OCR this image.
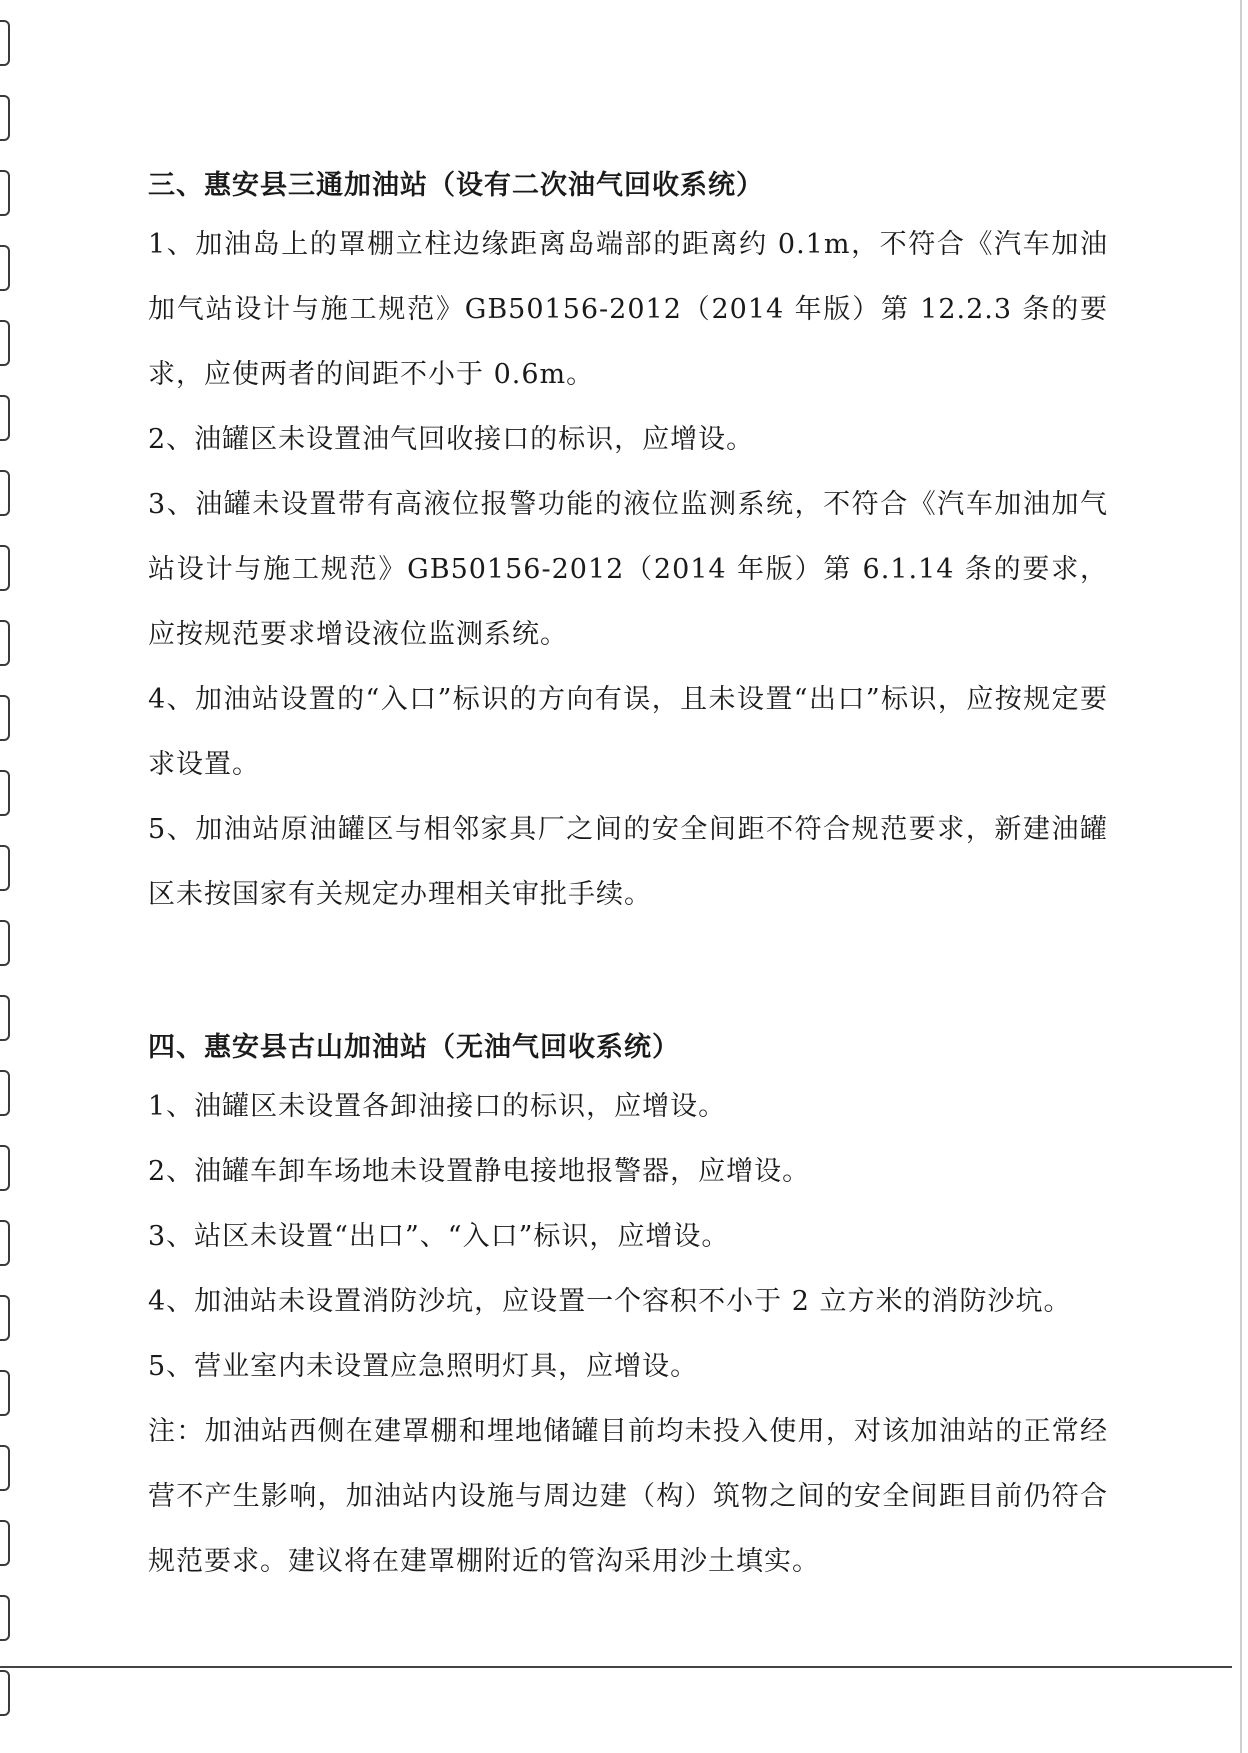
三、惠安县三通加油站（设有二次油气回收系统）

1、加油岛上的罩棚立柱边缘距离岛端部的距离约 0.1m，不符合《汽车加油加气站设计与施工规范》GB50156-2012（2014 年版）第 12.2.3 条的要求，应使两者的间距不小于 0.6m。

2、油罐区未设置油气回收接口的标识，应增设。

3、油罐未设置带有高液位报警功能的液位监测系统，不符合《汽车加油加气站设计与施工规范》GB50156-2012（2014 年版）第 6.1.14 条的要求，应按规范要求增设液位监测系统。

4、加油站设置的“入口”标识的方向有误，且未设置“出口”标识，应按规定要求设置。

5、加油站原油罐区与相邻家具厂之间的安全间距不符合规范要求，新建油罐区未按国家有关规定办理相关审批手续。

四、惠安县古山加油站（无油气回收系统）

1、油罐区未设置各卸油接口的标识，应增设。

2、油罐车卸车场地未设置静电接地报警器，应增设。

3、站区未设置“出口”、“入口”标识，应增设。

4、加油站未设置消防沙坑，应设置一个容积不小于 2 立方米的消防沙坑。

5、营业室内未设置应急照明灯具，应增设。

注：加油站西侧在建罩棚和埋地储罐目前均未投入使用，对该加油站的正常经营不产生影响，加油站内设施与周边建（构）筑物之间的安全间距目前仍符合规范要求。建议将在建罩棚附近的管沟采用沙土填实。
